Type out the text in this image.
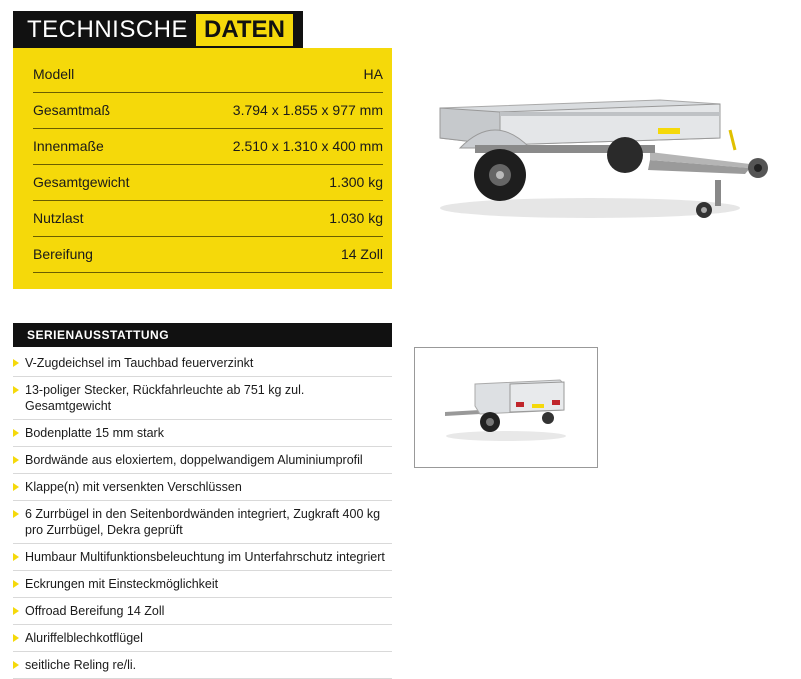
TECHNISCHE DATEN
Modell	HA
Gesamtmaß	3.794 x 1.855 x 977 mm
Innenmaße	2.510 x 1.310 x 400 mm
Gesamtgewicht	1.300 kg
Nutzlast	1.030 kg
Bereifung	14 Zoll
SERIENAUSSTATTUNG
V-Zugdeichsel im Tauchbad feuerverzinkt
13-poliger Stecker, Rückfahrleuchte ab 751 kg zul. Gesamtgewicht
Bodenplatte 15 mm stark
Bordwände aus eloxiertem, doppelwandigem Aluminiumprofil
Klappe(n) mit versenkten Verschlüssen
6 Zurrbügel in den Seitenbordwänden integriert, Zugkraft 400 kg pro Zurrbügel, Dekra geprüft
Humbaur Multifunktionsbeleuchtung im Unterfahrschutz integriert
Eckrungen mit Einsteckmöglichkeit
Offroad Bereifung 14 Zoll
Aluriffelblechkotflügel
seitliche Reling re/li.
